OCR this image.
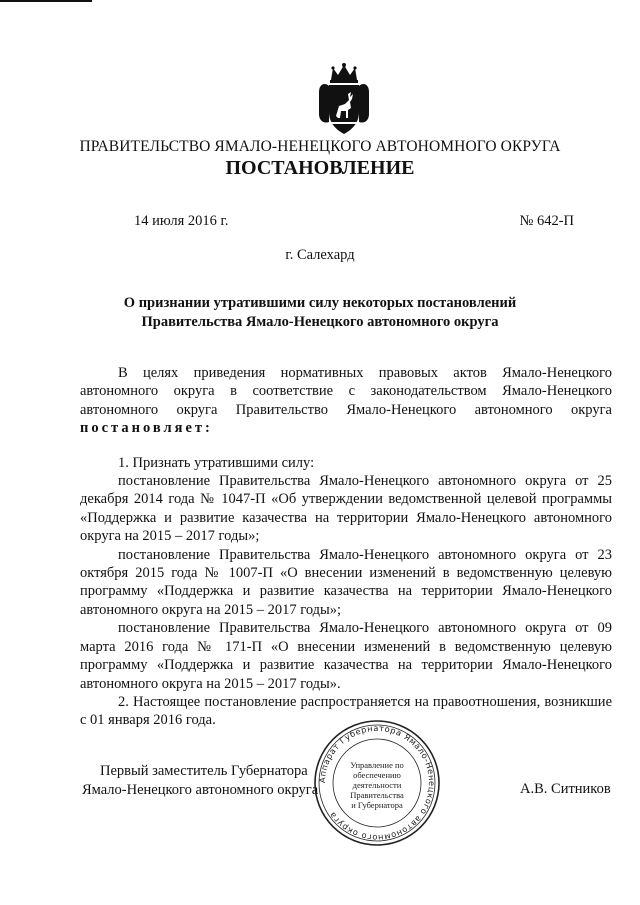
ПРАВИТЕЛЬСТВО ЯМАЛО-НЕНЕЦКОГО АВТОНОМНОГО ОКРУГА
ПОСТАНОВЛЕНИЕ
14 июля 2016 г.	№ 642-П
г. Салехард
О признании утратившими силу некоторых постановлений
Правительства Ямало-Ненецкого автономного округа

В целях приведения нормативных правовых актов Ямало-Ненецкого автономного округа в соответствие с законодательством Ямало-Ненецкого автономного округа Правительство Ямало-Ненецкого автономного округа постановляет:

1. Признать утратившими силу:

постановление Правительства Ямало-Ненецкого автономного округа от 25 декабря 2014 года № 1047-П «Об утверждении ведомственной целевой программы «Поддержка и развитие казачества на территории Ямало-Ненецкого автономного округа на 2015 – 2017 годы»;

постановление Правительства Ямало-Ненецкого автономного округа от 23 октября 2015 года № 1007-П «О внесении изменений в ведомственную целевую программу «Поддержка и развитие казачества на территории Ямало-Ненецкого автономного округа на 2015 – 2017 годы»;

постановление Правительства Ямало-Ненецкого автономного округа от 09 марта 2016 года № 171-П «О внесении изменений в ведомственную целевую программу «Поддержка и развитие казачества на территории Ямало-Ненецкого автономного округа на 2015 – 2017 годы».

2. Настоящее постановление распространяется на правоотношения, возникшие с 01 января 2016 года.

Первый заместитель Губернатора
Ямало-Ненецкого автономного округа
Аппарат Губернатора Ямало-Ненецкого автономного округа
Управление по
обеспечению
деятельности
Правительства
и Губернатора
А.В. Ситников
